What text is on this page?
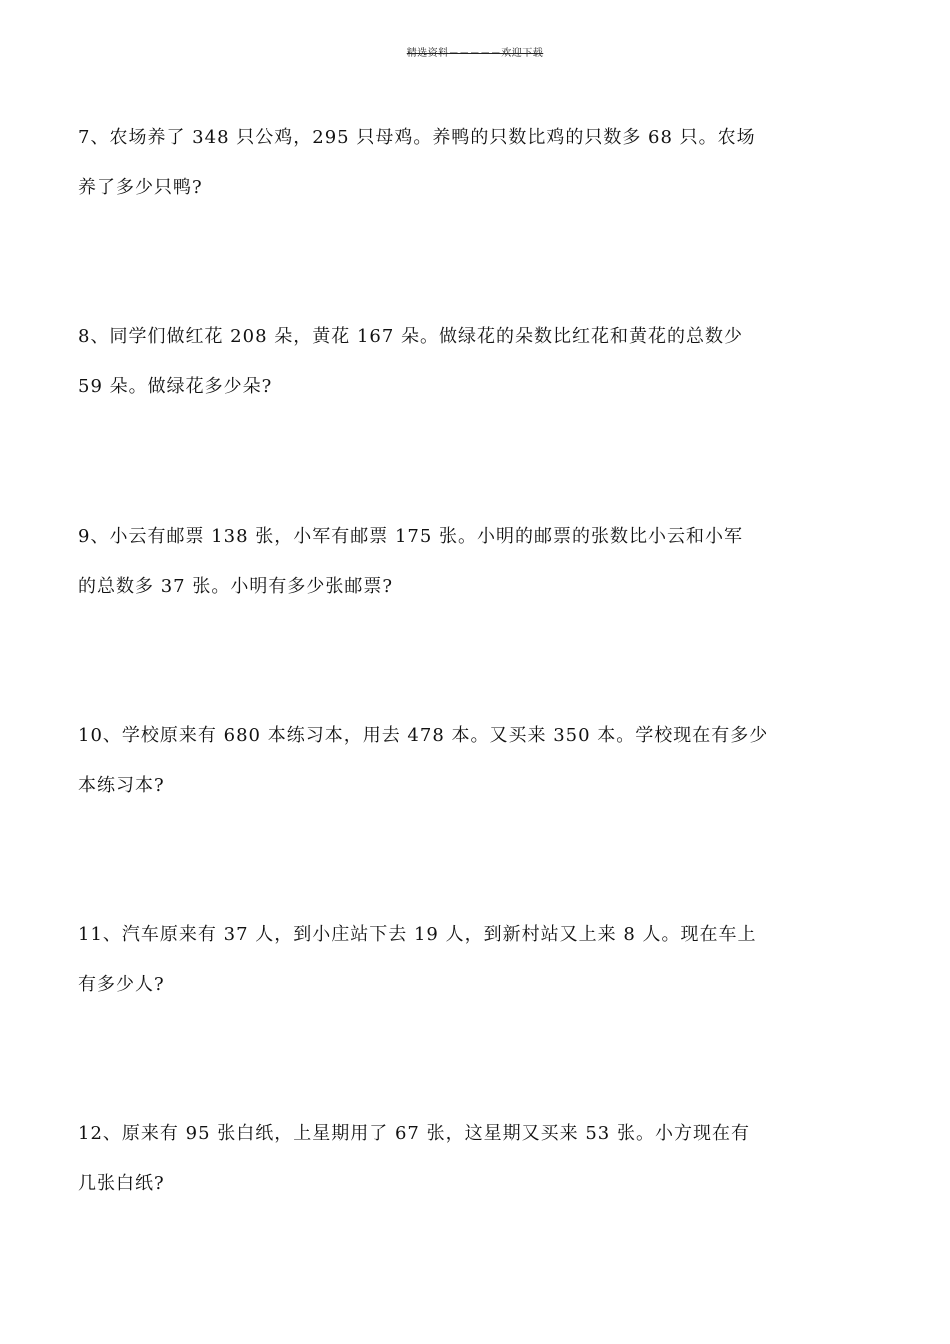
精选资料－－－－－欢迎下载
7、农场养了 348 只公鸡，295 只母鸡。养鸭的只数比鸡的只数多 68 只。农场
养了多少只鸭?
8、同学们做红花 208 朵，黄花 167 朵。做绿花的朵数比红花和黄花的总数少
59 朵。做绿花多少朵?
9、小云有邮票 138 张，小军有邮票 175 张。小明的邮票的张数比小云和小军
的总数多 37 张。小明有多少张邮票?
10、学校原来有 680 本练习本，用去 478 本。又买来 350 本。学校现在有多少
本练习本?
11、汽车原来有 37 人，到小庄站下去 19 人，到新村站又上来 8 人。现在车上
有多少人?
12、原来有 95 张白纸，上星期用了 67 张，这星期又买来 53 张。小方现在有
几张白纸?
